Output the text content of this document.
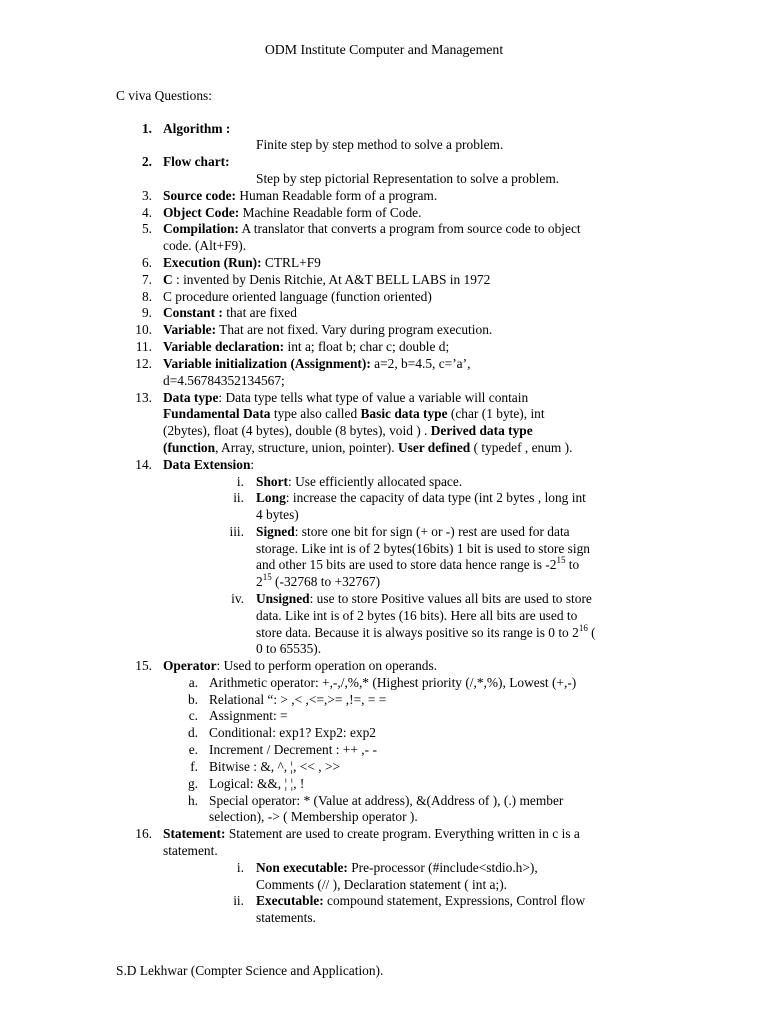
ODM Institute Computer and Management
C viva Questions:
1. Algorithm :
Finite step by step method to solve a problem.
2. Flow chart:
Step by step pictorial Representation to solve a problem.
3. Source code: Human Readable form of a program.
4. Object Code: Machine Readable form of Code.
5. Compilation: A translator that converts a program from source code to object
code. (Alt+F9).
6. Execution (Run): CTRL+F9
7. C : invented by Denis Ritchie, At A&T BELL LABS in 1972
8. C procedure oriented language (function oriented)
9. Constant : that are fixed
10. Variable: That are not fixed. Vary during program execution.
11. Variable declaration: int a; float b; char c; double d;
12. Variable initialization (Assignment): a=2, b=4.5, c=’a’,
d=4.56784352134567;
13. Data type: Data type tells what type of value a variable will contain
Fundamental Data type also called Basic data type (char (1 byte), int
(2bytes), float (4 bytes), double (8 bytes), void ) . Derived data type
(function, Array, structure, union, pointer). User defined ( typedef , enum ).
14. Data Extension:
i. Short: Use efficiently allocated space.
ii. Long: increase the capacity of data type (int 2 bytes , long int
4 bytes)
iii. Signed: store one bit for sign (+ or -) rest are used for data
storage. Like int is of 2 bytes(16bits) 1 bit is used to store sign
and other 15 bits are used to store data hence range is $-2^{15}$ to
$2^{15}$ (-32768 to +32767)
iv. Unsigned: use to store Positive values all bits are used to store
data. Like int is of 2 bytes (16 bits). Here all bits are used to
store data. Because it is always positive so its range is 0 to $2^{16}$ (
0 to 65535).
15. Operator: Used to perform operation on operands.
a. Arithmetic operator: +,-,/,%,* (Highest priority (/,*,%), Lowest (+,-)
b. Relational “: > ,< ,<=,>= ,!=, = =
c. Assignment: =
d. Conditional: exp1? Exp2: exp2
e. Increment / Decrement : ++ ,- -
f. Bitwise : &, ^, ¦, << , >>
g. Logical: &&, ¦ ¦, !
h. Special operator: * (Value at address), &(Address of ), (.) member
selection), -> ( Membership operator ).
16. Statement: Statement are used to create program. Everything written in c is a
statement.
i. Non executable: Pre-processor (#include<stdio.h>),
Comments (// ), Declaration statement ( int a;).
ii. Executable: compound statement, Expressions, Control flow
statements.
S.D Lekhwar (Compter Science and Application).
